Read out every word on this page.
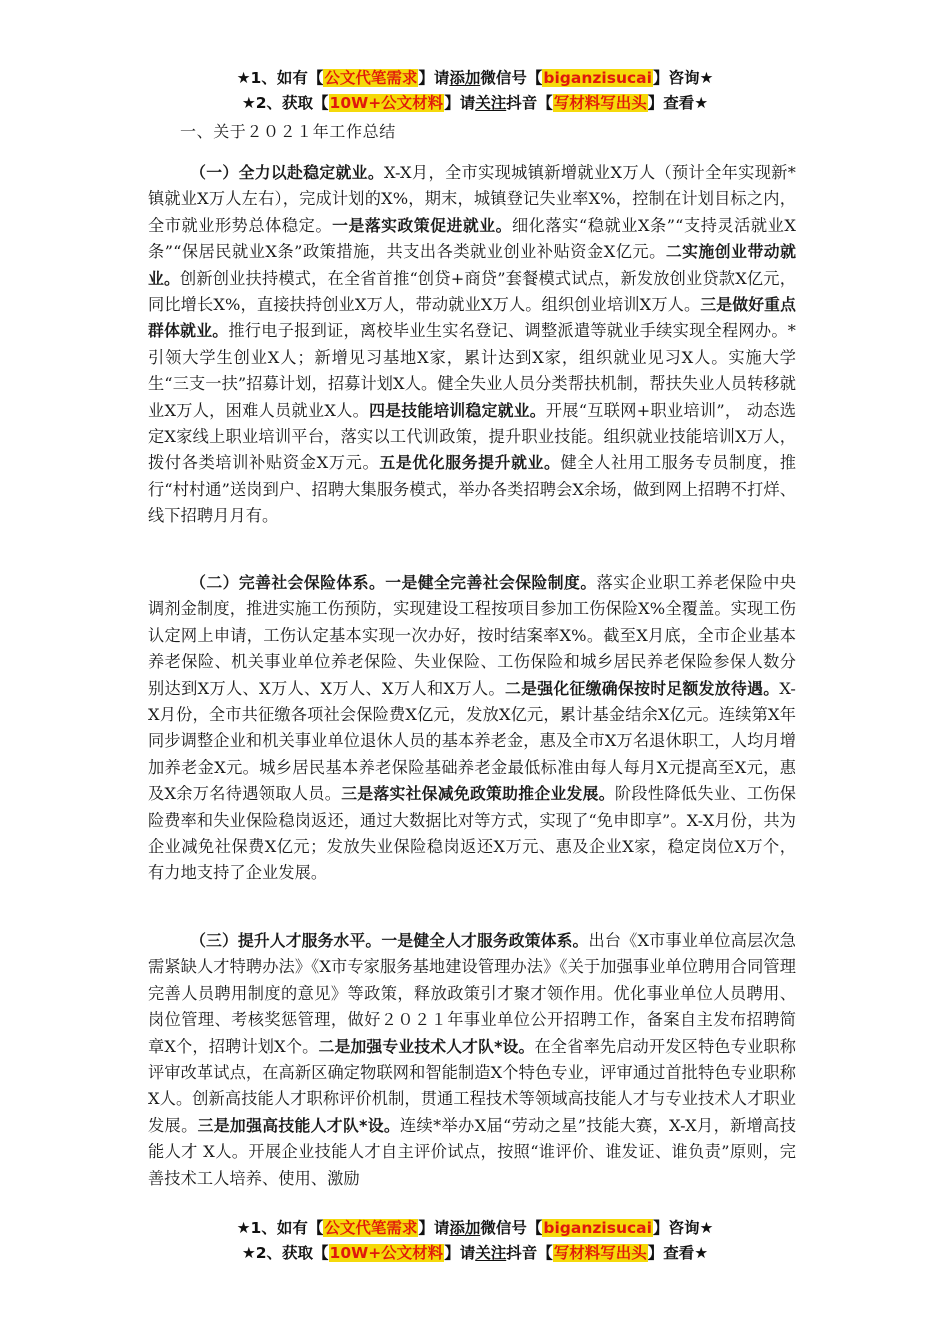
★1、如有【公文代笔需求】请添加微信号【biganzisucai】咨询★
★2、获取【10W+公文材料】请关注抖音【写材料写出头】查看★
一、关于２０２１年工作总结
（一）全力以赴稳定就业。X-X月，全市实现城镇新增就业X万人（预计全年实现新*镇就业X万人左右），完成计划的X%，期末，城镇登记失业率X%，控制在计划目标之内，全市就业形势总体稳定。一是落实政策促进就业。细化落实“稳就业X条”“支持灵活就业X条”“保居民就业X条”政策措施，共支出各类就业创业补贴资金X亿元。二实施创业带动就业。创新创业扶持模式，在全省首推“创贷+商贷”套餐模式试点，新发放创业贷款X亿元，同比增长X%，直接扶持创业X万人，带动就业X万人。组织创业培训X万人。三是做好重点群体就业。推行电子报到证，离校毕业生实名登记、调整派遣等就业手续实现全程网办。*引领大学生创业X人；新增见习基地X家，累计达到X家，组织就业见习X人。实施大学生“三支一扶”招募计划，招募计划X人。健全失业人员分类帮扶机制，帮扶失业人员转移就业X万人，困难人员就业X人。四是技能培训稳定就业。开展“互联网+职业培训”， 动态选定X家线上职业培训平台，落实以工代训政策，提升职业技能。组织就业技能培训X万人，拨付各类培训补贴资金X万元。五是优化服务提升就业。健全人社用工服务专员制度，推行“村村通”送岗到户、招聘大集服务模式，举办各类招聘会X余场，做到网上招聘不打烊、线下招聘月月有。
（二）完善社会保险体系。一是健全完善社会保险制度。落实企业职工养老保险中央调剂金制度，推进实施工伤预防，实现建设工程按项目参加工伤保险X%全覆盖。实现工伤认定网上申请，工伤认定基本实现一次办好，按时结案率X%。截至X月底，全市企业基本养老保险、机关事业单位养老保险、失业保险、工伤保险和城乡居民养老保险参保人数分别达到X万人、X万人、X万人、X万人和X万人。二是强化征缴确保按时足额发放待遇。X-X月份，全市共征缴各项社会保险费X亿元，发放X亿元，累计基金结余X亿元。连续第X年同步调整企业和机关事业单位退休人员的基本养老金，惠及全市X万名退休职工，人均月增加养老金X元。城乡居民基本养老保险基础养老金最低标准由每人每月X元提高至X元，惠及X余万名待遇领取人员。三是落实社保减免政策助推企业发展。阶段性降低失业、工伤保险费率和失业保险稳岗返还，通过大数据比对等方式，实现了“免申即享”。X-X月份，共为企业减免社保费X亿元；发放失业保险稳岗返还X万元、惠及企业X家，稳定岗位X万个，有力地支持了企业发展。
（三）提升人才服务水平。一是健全人才服务政策体系。出台《X市事业单位高层次急需紧缺人才特聘办法》《X市专家服务基地建设管理办法》《关于加强事业单位聘用合同管理完善人员聘用制度的意见》等政策，释放政策引才聚才领作用。优化事业单位人员聘用、岗位管理、考核奖惩管理，做好２０２１年事业单位公开招聘工作，备案自主发布招聘简章X个，招聘计划X个。二是加强专业技术人才队*设。在全省率先启动开发区特色专业职称评审改革试点，在高新区确定物联网和智能制造X个特色专业，评审通过首批特色专业职称X人。创新高技能人才职称评价机制，贯通工程技术等领域高技能人才与专业技术人才职业发展。三是加强高技能人才队*设。连续*举办X届“劳动之星”技能大赛，X-X月，新增高技能人才 X人。开展企业技能人才自主评价试点，按照“谁评价、谁发证、谁负责”原则，完善技术工人培养、使用、激励
★1、如有【公文代笔需求】请添加微信号【biganzisucai】咨询★
★2、获取【10W+公文材料】请关注抖音【写材料写出头】查看★
